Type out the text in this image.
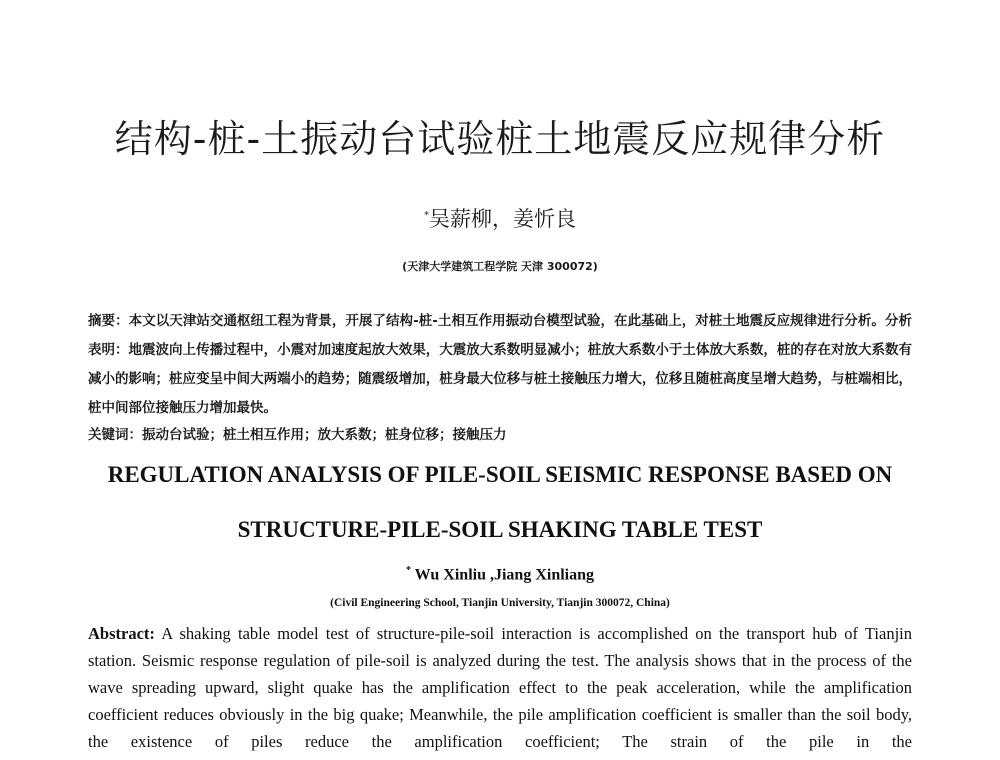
结构-桩-土振动台试验桩土地震反应规律分析
*吴薪柳，姜忻良
(天津大学建筑工程学院 天津 300072)
摘要：本文以天津站交通枢纽工程为背景，开展了结构-桩-土相互作用振动台模型试验，在此基础上，对桩土地震反应规律进行分析。分析表明：地震波向上传播过程中，小震对加速度起放大效果，大震放大系数明显减小；桩放大系数小于土体放大系数，桩的存在对放大系数有减小的影响；桩应变呈中间大两端小的趋势；随震级增加，桩身最大位移与桩土接触压力增大，位移且随桩高度呈增大趋势，与桩端相比，桩中间部位接触压力增加最快。
关键词：振动台试验；桩土相互作用；放大系数；桩身位移；接触压力
REGULATION ANALYSIS OF PILE-SOIL SEISMIC RESPONSE BASED ON
STRUCTURE-PILE-SOIL SHAKING TABLE TEST
* Wu Xinliu ,Jiang Xinliang
(Civil Engineering School, Tianjin University, Tianjin 300072, China)
Abstract: A shaking table model test of structure-pile-soil interaction is accomplished on the transport hub of Tianjin station. Seismic response regulation of pile-soil is analyzed during the test. The analysis shows that in the process of the wave spreading upward, slight quake has the amplification effect to the peak acceleration, while the amplification coefficient reduces obviously in the big quake; Meanwhile, the pile amplification coefficient is smaller than the soil body, the existence of piles reduce the amplification coefficient; The strain of the pile in the
